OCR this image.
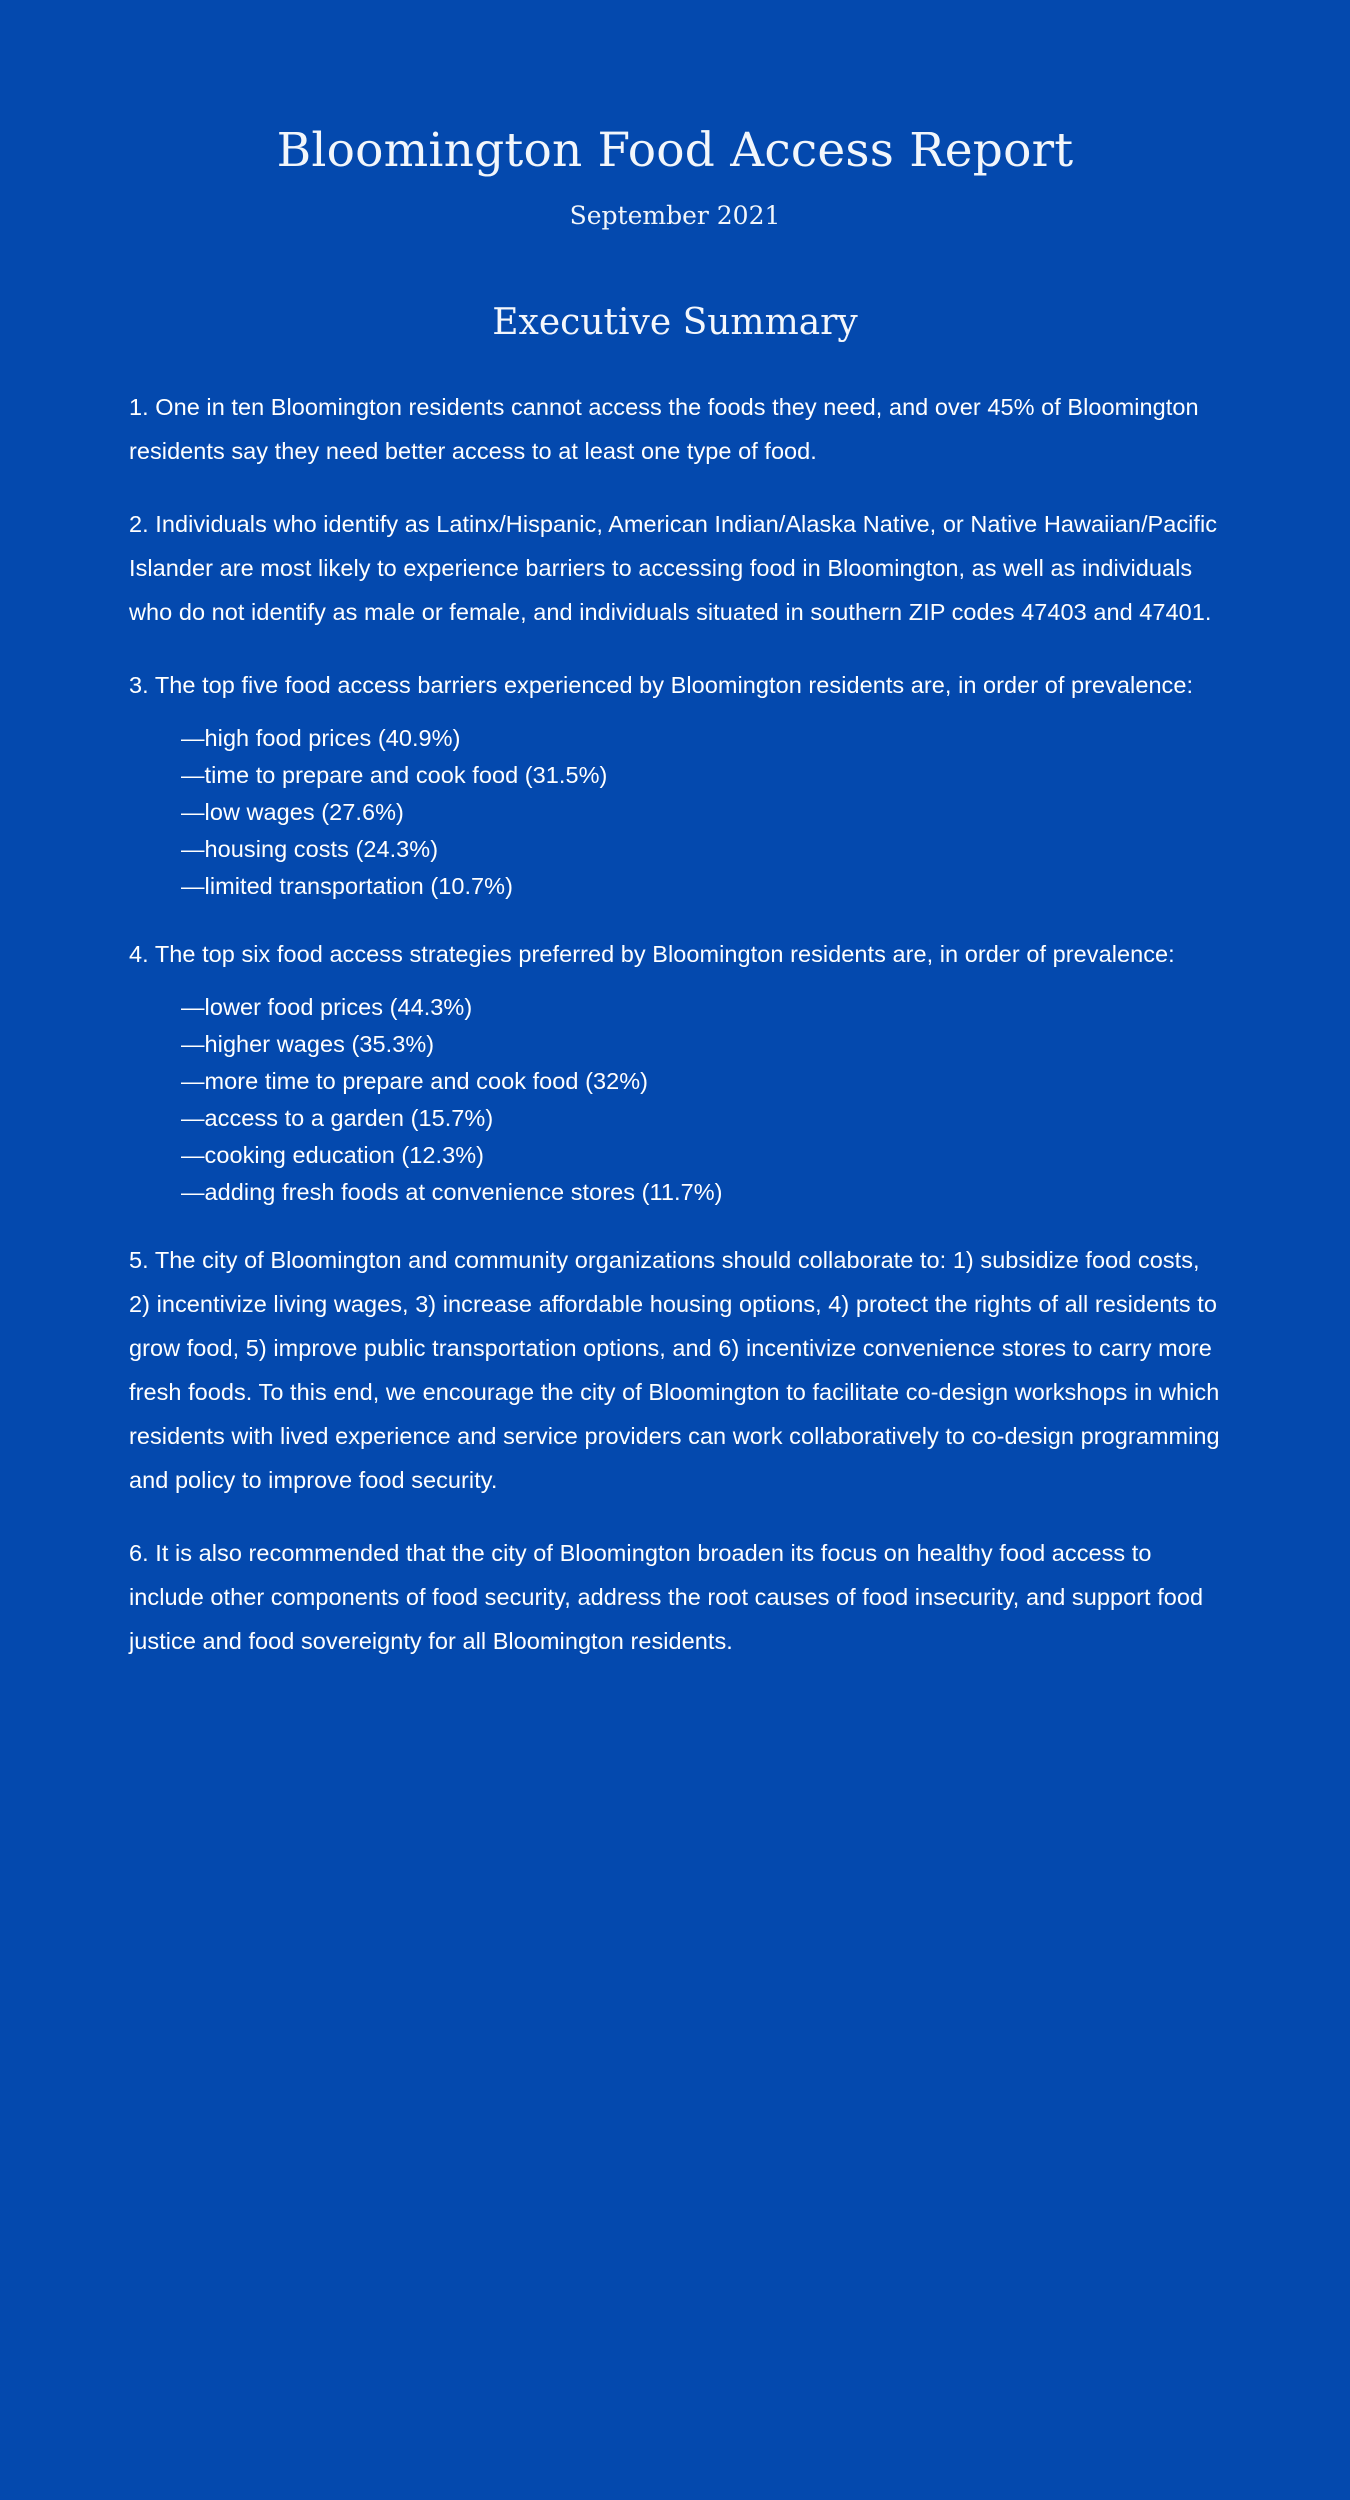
Bloomington Food Access Report
September 2021
Executive Summary

1. One in ten Bloomington residents cannot access the foods they need, and over 45% of Bloomington residents say they need better access to at least one type of food.

2. Individuals who identify as Latinx/Hispanic, American Indian/Alaska Native, or Native Hawaiian/Pacific Islander are most likely to experience barriers to accessing food in Bloomington, as well as individuals who do not identify as male or female, and individuals situated in southern ZIP codes 47403 and 47401.

3. The top five food access barriers experienced by Bloomington residents are, in order of prevalence:

—high food prices (40.9%)
—time to prepare and cook food (31.5%)
—low wages (27.6%)
—housing costs (24.3%)
—limited transportation (10.7%)

4. The top six food access strategies preferred by Bloomington residents are, in order of prevalence:

—lower food prices (44.3%)
—higher wages (35.3%)
—more time to prepare and cook food (32%)
—access to a garden (15.7%)
—cooking education (12.3%)
—adding fresh foods at convenience stores (11.7%)

5. The city of Bloomington and community organizations should collaborate to: 1) subsidize food costs, 2) incentivize living wages, 3) increase affordable housing options, 4) protect the rights of all residents to grow food, 5) improve public transportation options, and 6) incentivize convenience stores to carry more fresh foods. To this end, we encourage the city of Bloomington to facilitate co-design workshops in which residents with lived experience and service providers can work collaboratively to co-design programming and policy to improve food security.

6. It is also recommended that the city of Bloomington broaden its focus on healthy food access to include other components of food security, address the root causes of food insecurity, and support food justice and food sovereignty for all Bloomington residents.
